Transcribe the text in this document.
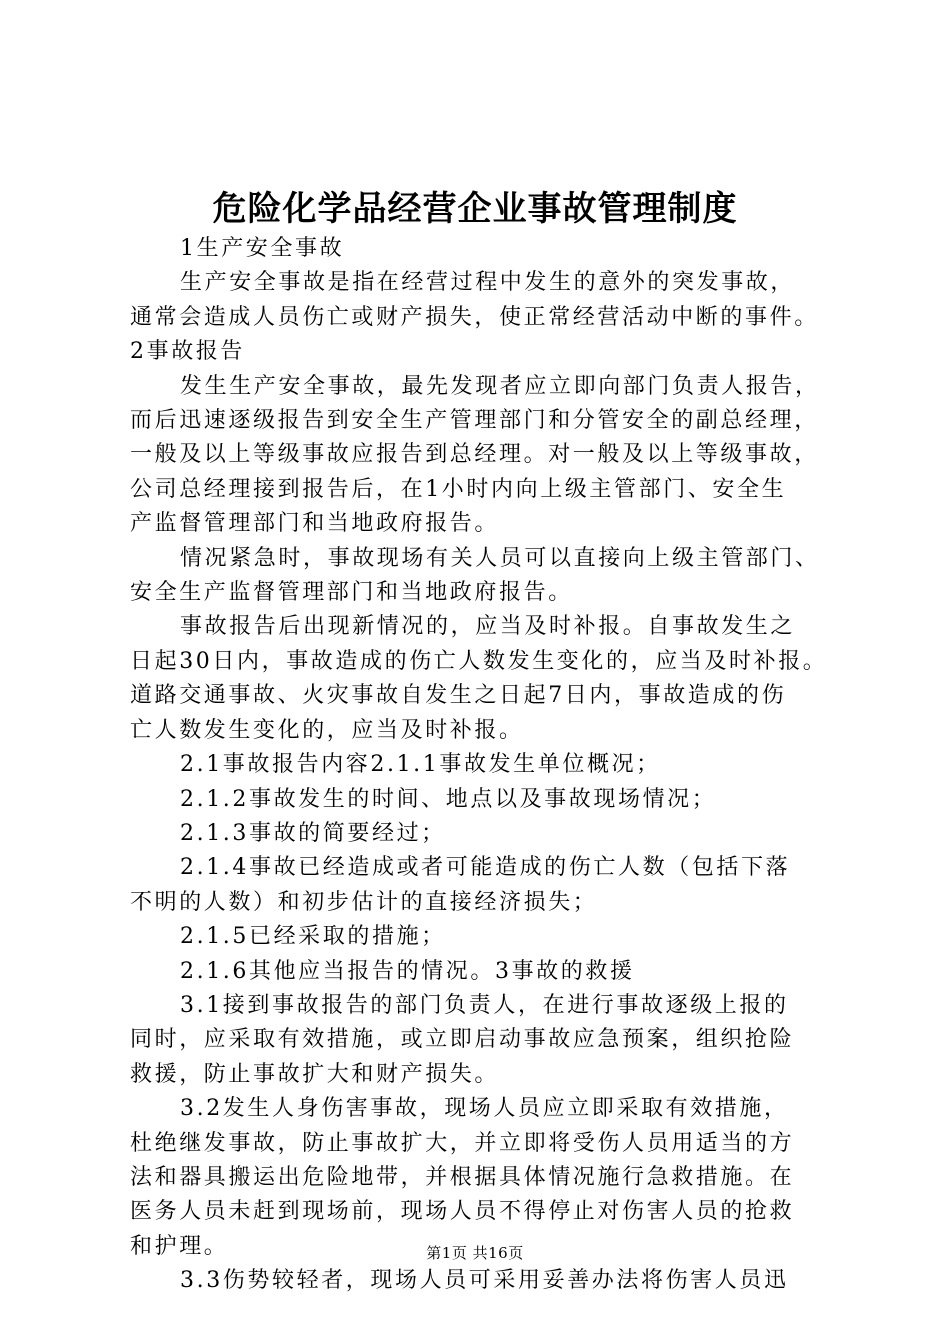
危险化学品经营企业事故管理制度

1生产安全事故

生产安全事故是指在经营过程中发生的意外的突发事故，

通常会造成人员伤亡或财产损失，使正常经营活动中断的事件。

2事故报告

发生生产安全事故，最先发现者应立即向部门负责人报告，

而后迅速逐级报告到安全生产管理部门和分管安全的副总经理，

一般及以上等级事故应报告到总经理。对一般及以上等级事故，

公司总经理接到报告后，在1小时内向上级主管部门、安全生

产监督管理部门和当地政府报告。

情况紧急时，事故现场有关人员可以直接向上级主管部门、

安全生产监督管理部门和当地政府报告。

事故报告后出现新情况的，应当及时补报。自事故发生之

日起30日内，事故造成的伤亡人数发生变化的，应当及时补报。

道路交通事故、火灾事故自发生之日起7日内，事故造成的伤

亡人数发生变化的，应当及时补报。

2.1事故报告内容2.1.1事故发生单位概况；

2.1.2事故发生的时间、地点以及事故现场情况；

2.1.3事故的简要经过；

2.1.4事故已经造成或者可能造成的伤亡人数（包括下落

不明的人数）和初步估计的直接经济损失；

2.1.5已经采取的措施；

2.1.6其他应当报告的情况。3事故的救援

3.1接到事故报告的部门负责人，在进行事故逐级上报的

同时，应采取有效措施，或立即启动事故应急预案，组织抢险

救援，防止事故扩大和财产损失。

3.2发生人身伤害事故，现场人员应立即采取有效措施，

杜绝继发事故，防止事故扩大，并立即将受伤人员用适当的方

法和器具搬运出危险地带，并根据具体情况施行急救措施。在

医务人员未赶到现场前，现场人员不得停止对伤害人员的抢救

和护理。

3.3伤势较轻者，现场人员可采用妥善办法将伤害人员迅

第1页 共16页
